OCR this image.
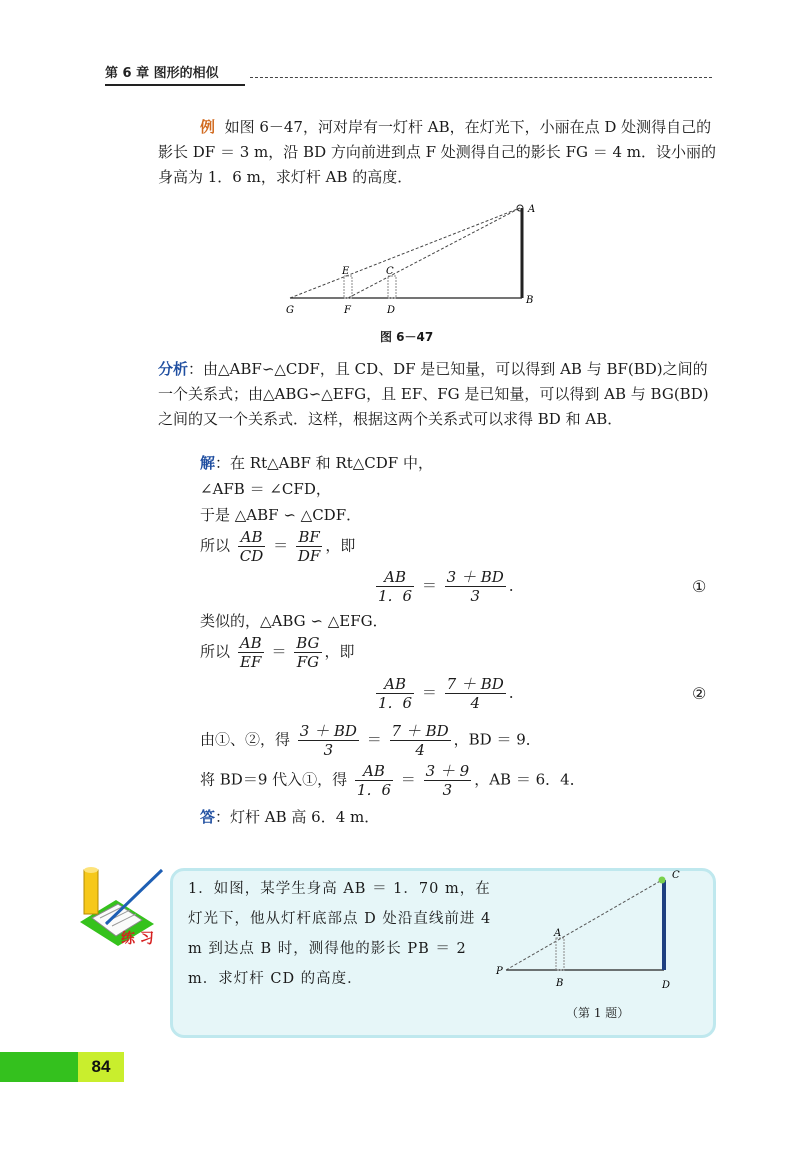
第 6 章 图形的相似
例 如图 6－47，河对岸有一灯杆 AB，在灯光下，小丽在点 D 处测得自己的影长 DF ＝ 3 m，沿 BD 方向前进到点 F 处测得自己的影长 FG ＝ 4 m．设小丽的身高为 1．6 m，求灯杆 AB 的高度．
A
B
C
D
E
F
G
图 6－47
分析：由△ABF∽△CDF，且 CD、DF 是已知量，可以得到 AB 与 BF(BD)之间的一个关系式；由△ABG∽△EFG，且 EF、FG 是已知量，可以得到 AB 与 BG(BD)之间的又一个关系式．这样，根据这两个关系式可以求得 BD 和 AB．
解：在 Rt△ABF 和 Rt△CDF 中，
∠AFB ＝ ∠CFD，
于是 △ABF ∽ △CDF．
所以 $\frac{AB}{CD} = \frac{BF}{DF}$ ，即
$\frac{AB}{1.6} = \frac{3 + BD}{3}$ ．	①
类似的，△ABG ∽ △EFG．
所以 $\frac{AB}{EF} = \frac{BG}{FG}$ ，即
$\frac{AB}{1.6} = \frac{7 + BD}{4}$ ．	②
由①、②，得 $\frac{3 + BD}{3} = \frac{7 + BD}{4}$ ，BD ＝ 9．
将 BD＝9 代入①，得 $\frac{AB}{1.6} = \frac{3 + 9}{3}$ ，AB ＝ 6．4．
答：灯杆 AB 高 6．4 m．
练 习
1．如图，某学生身高 AB ＝ 1．70 m，在灯光下，他从灯杆底部点 D 处沿直线前进 4 m 到达点 B 时，测得他的影长 PB ＝ 2 m．求灯杆 CD 的高度．
C
D
A
B
P
（第 1 题）
84
